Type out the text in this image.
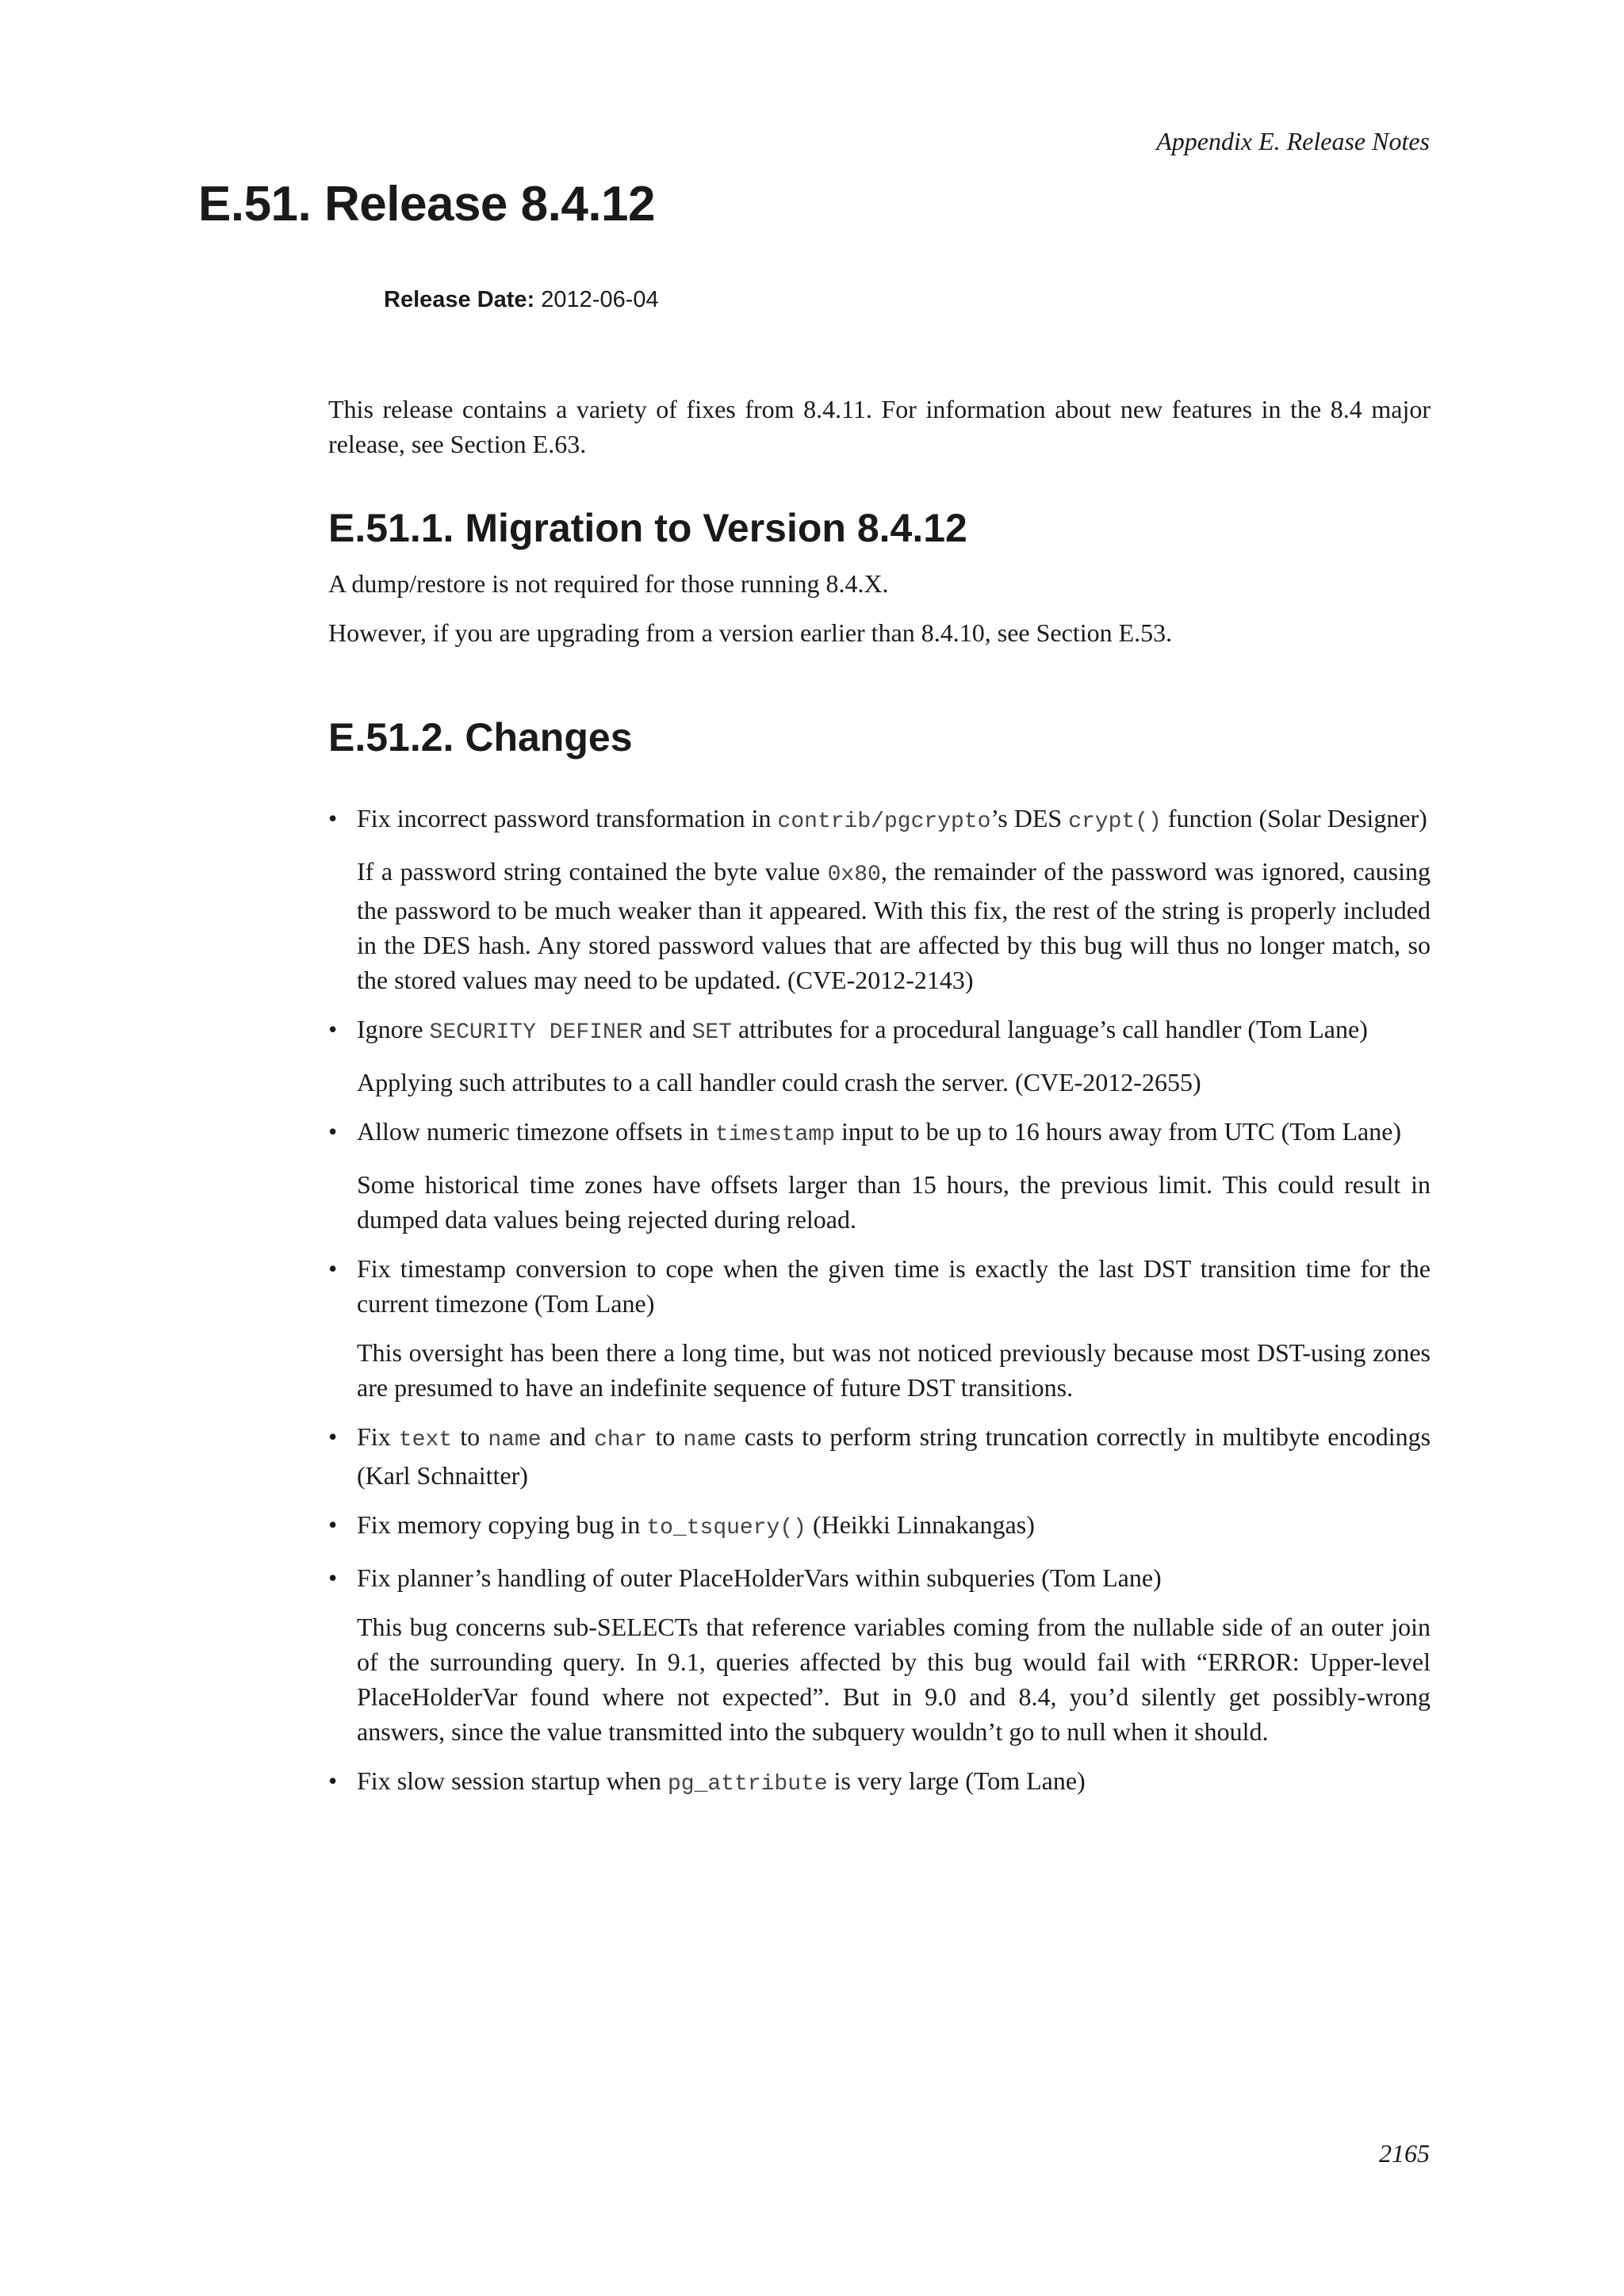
Appendix E. Release Notes
E.51. Release 8.4.12
Release Date: 2012-06-04

This release contains a variety of fixes from 8.4.11. For information about new features in the 8.4 major release, see Section E.63.

E.51.1. Migration to Version 8.4.12

A dump/restore is not required for those running 8.4.X.

However, if you are upgrading from a version earlier than 8.4.10, see Section E.53.

E.51.2. Changes
• Fix incorrect password transformation in contrib/pgcrypto’s DES crypt() function (Solar Designer)

If a password string contained the byte value 0x80, the remainder of the password was ignored, causing the password to be much weaker than it appeared. With this fix, the rest of the string is properly included in the DES hash. Any stored password values that are affected by this bug will thus no longer match, so the stored values may need to be updated. (CVE-2012-2143)

• Ignore SECURITY DEFINER and SET attributes for a procedural language’s call handler (Tom Lane)

Applying such attributes to a call handler could crash the server. (CVE-2012-2655)

• Allow numeric timezone offsets in timestamp input to be up to 16 hours away from UTC (Tom Lane)

Some historical time zones have offsets larger than 15 hours, the previous limit. This could result in dumped data values being rejected during reload.

• Fix timestamp conversion to cope when the given time is exactly the last DST transition time for the current timezone (Tom Lane)

This oversight has been there a long time, but was not noticed previously because most DST-using zones are presumed to have an indefinite sequence of future DST transitions.

• Fix text to name and char to name casts to perform string truncation correctly in multibyte encodings (Karl Schnaitter)

• Fix memory copying bug in to_tsquery() (Heikki Linnakangas)

• Fix planner’s handling of outer PlaceHolderVars within subqueries (Tom Lane)

This bug concerns sub-SELECTs that reference variables coming from the nullable side of an outer join of the surrounding query. In 9.1, queries affected by this bug would fail with “ERROR: Upper-level PlaceHolderVar found where not expected”. But in 9.0 and 8.4, you’d silently get possibly-wrong answers, since the value transmitted into the subquery wouldn’t go to null when it should.

• Fix slow session startup when pg_attribute is very large (Tom Lane)

2165
